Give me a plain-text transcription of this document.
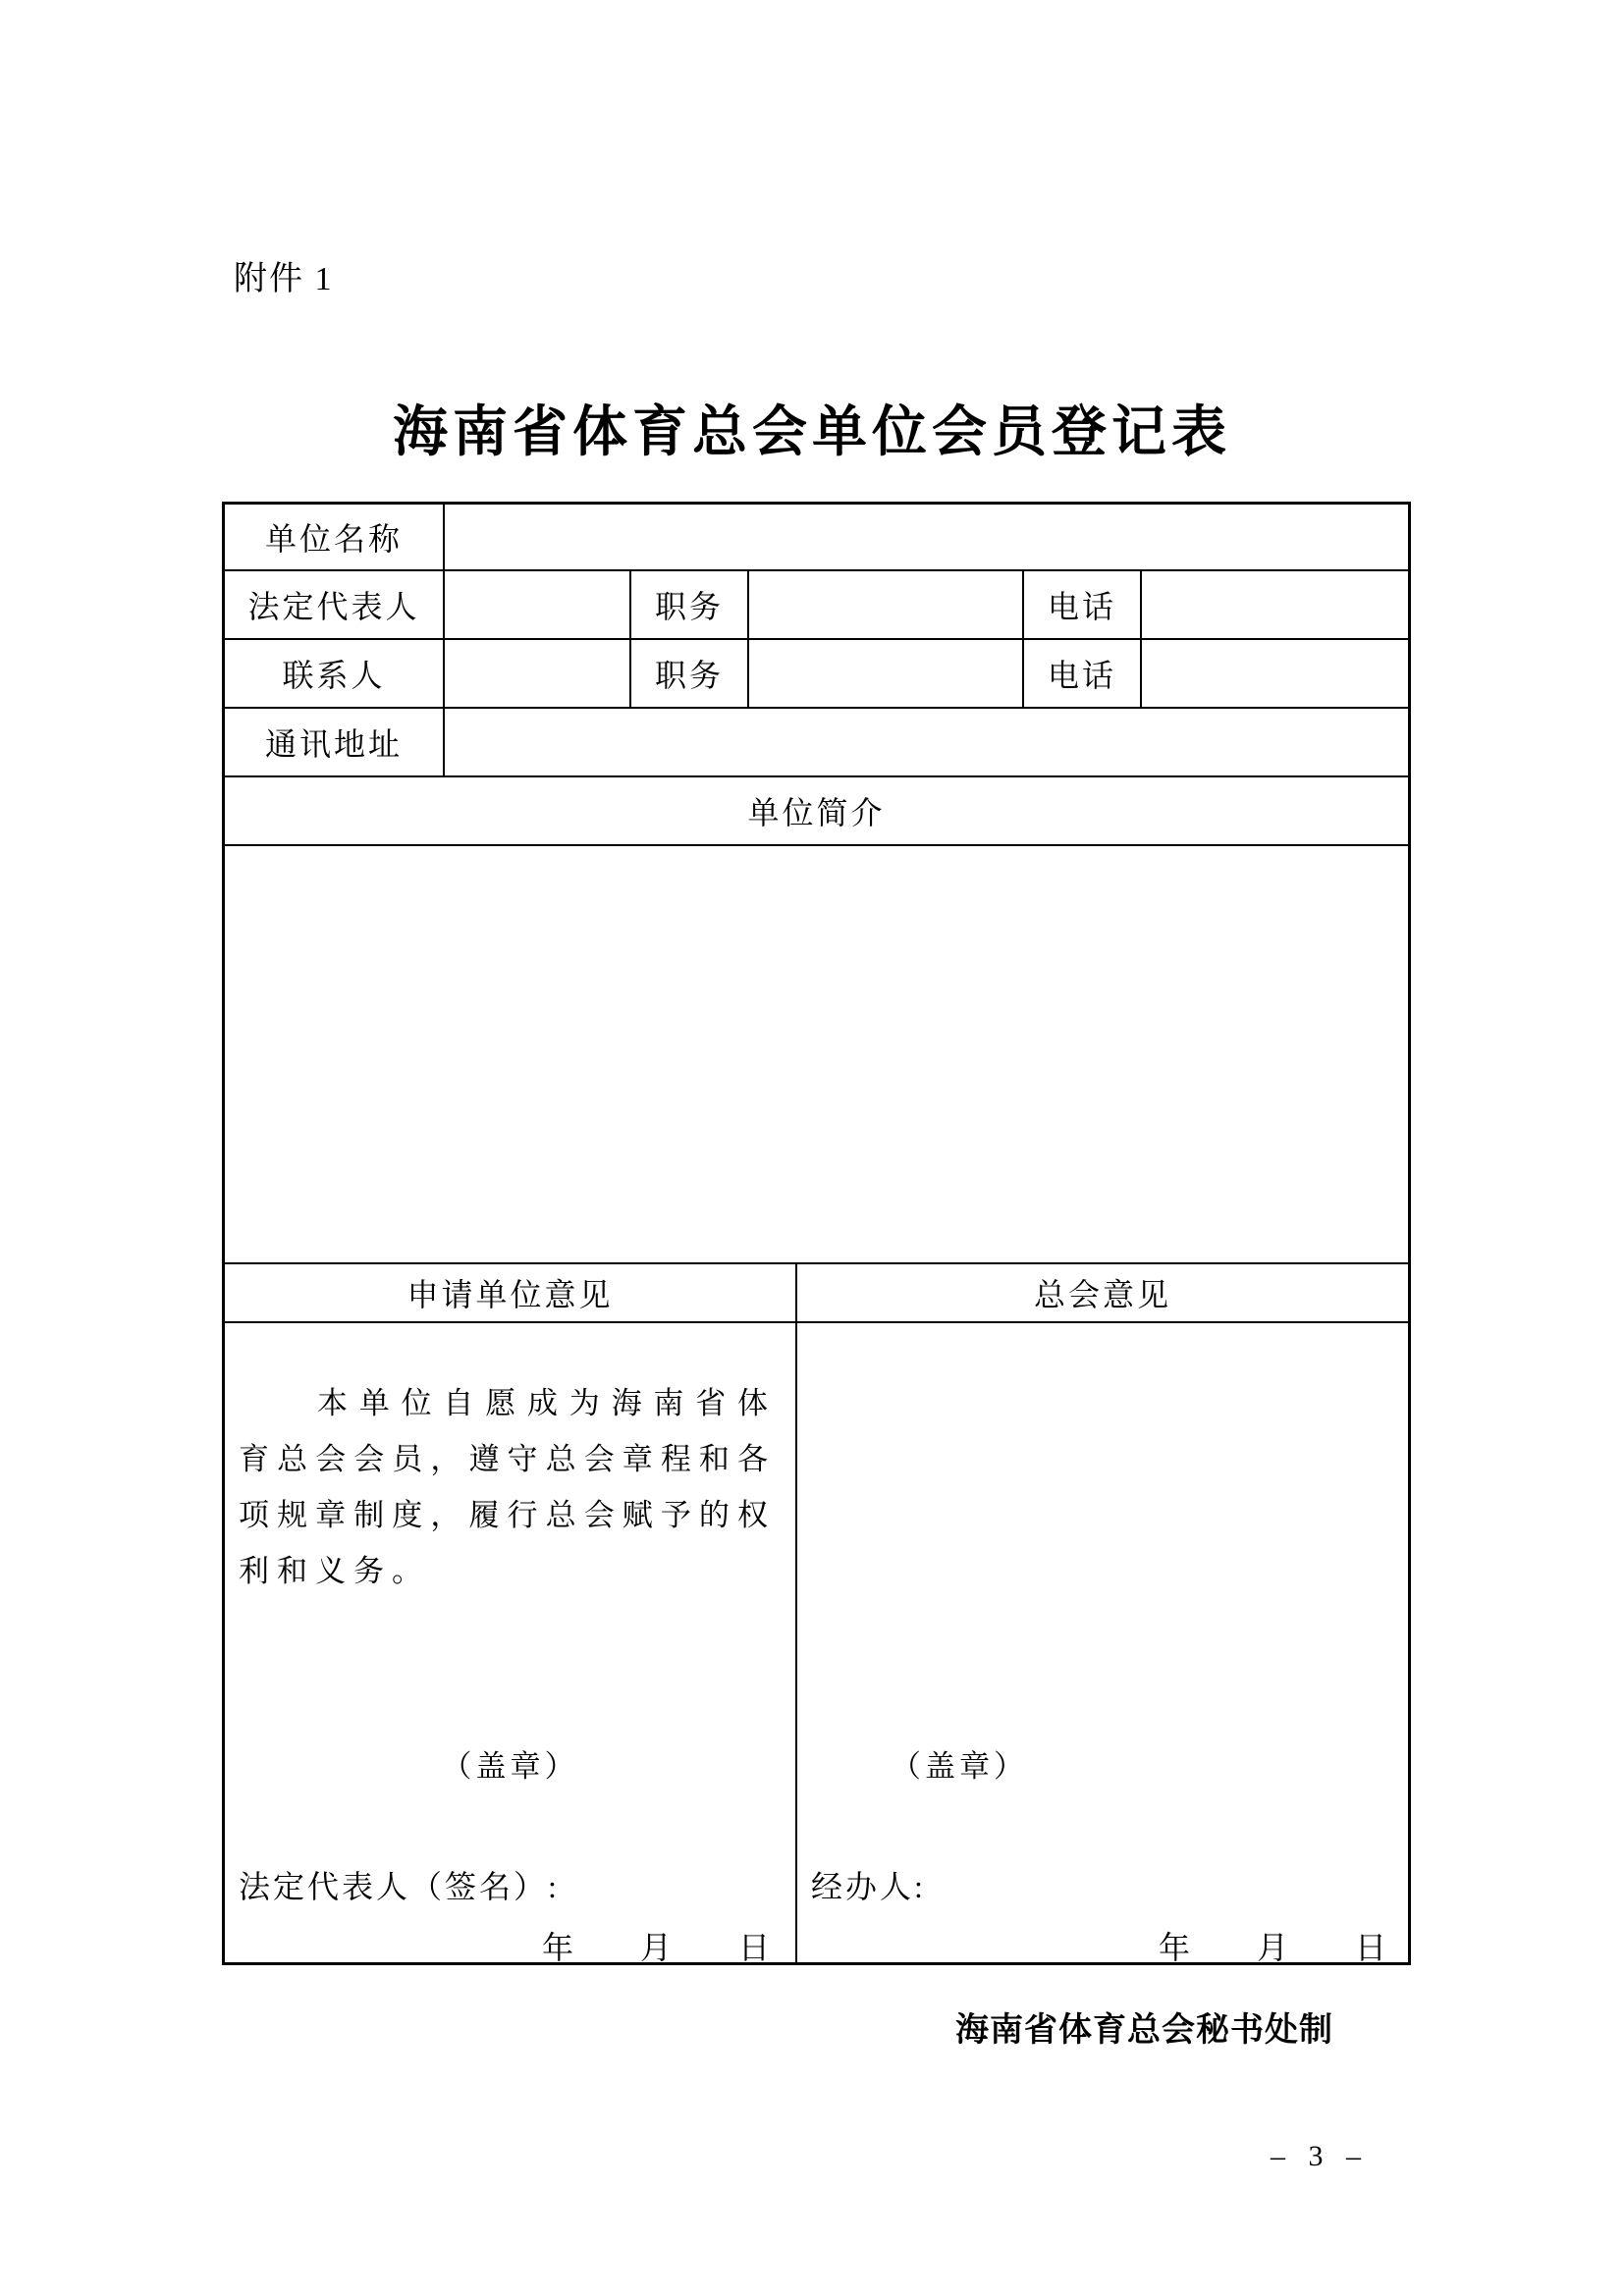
附件 1
海南省体育总会单位会员登记表
单位名称
法定代表人	职务	电话
联系人	职务	电话
通讯地址
单位简介
申请单位意见	总会意见

本单位自愿成为海南省体育总会会员，遵守总会章程和各项规章制度，履行总会赋予的权利和义务。

（盖章）
法定代表人（签名）:
年 月 日
（盖章）
经办人:
年 月 日
海南省体育总会秘书处制
– 3 –
